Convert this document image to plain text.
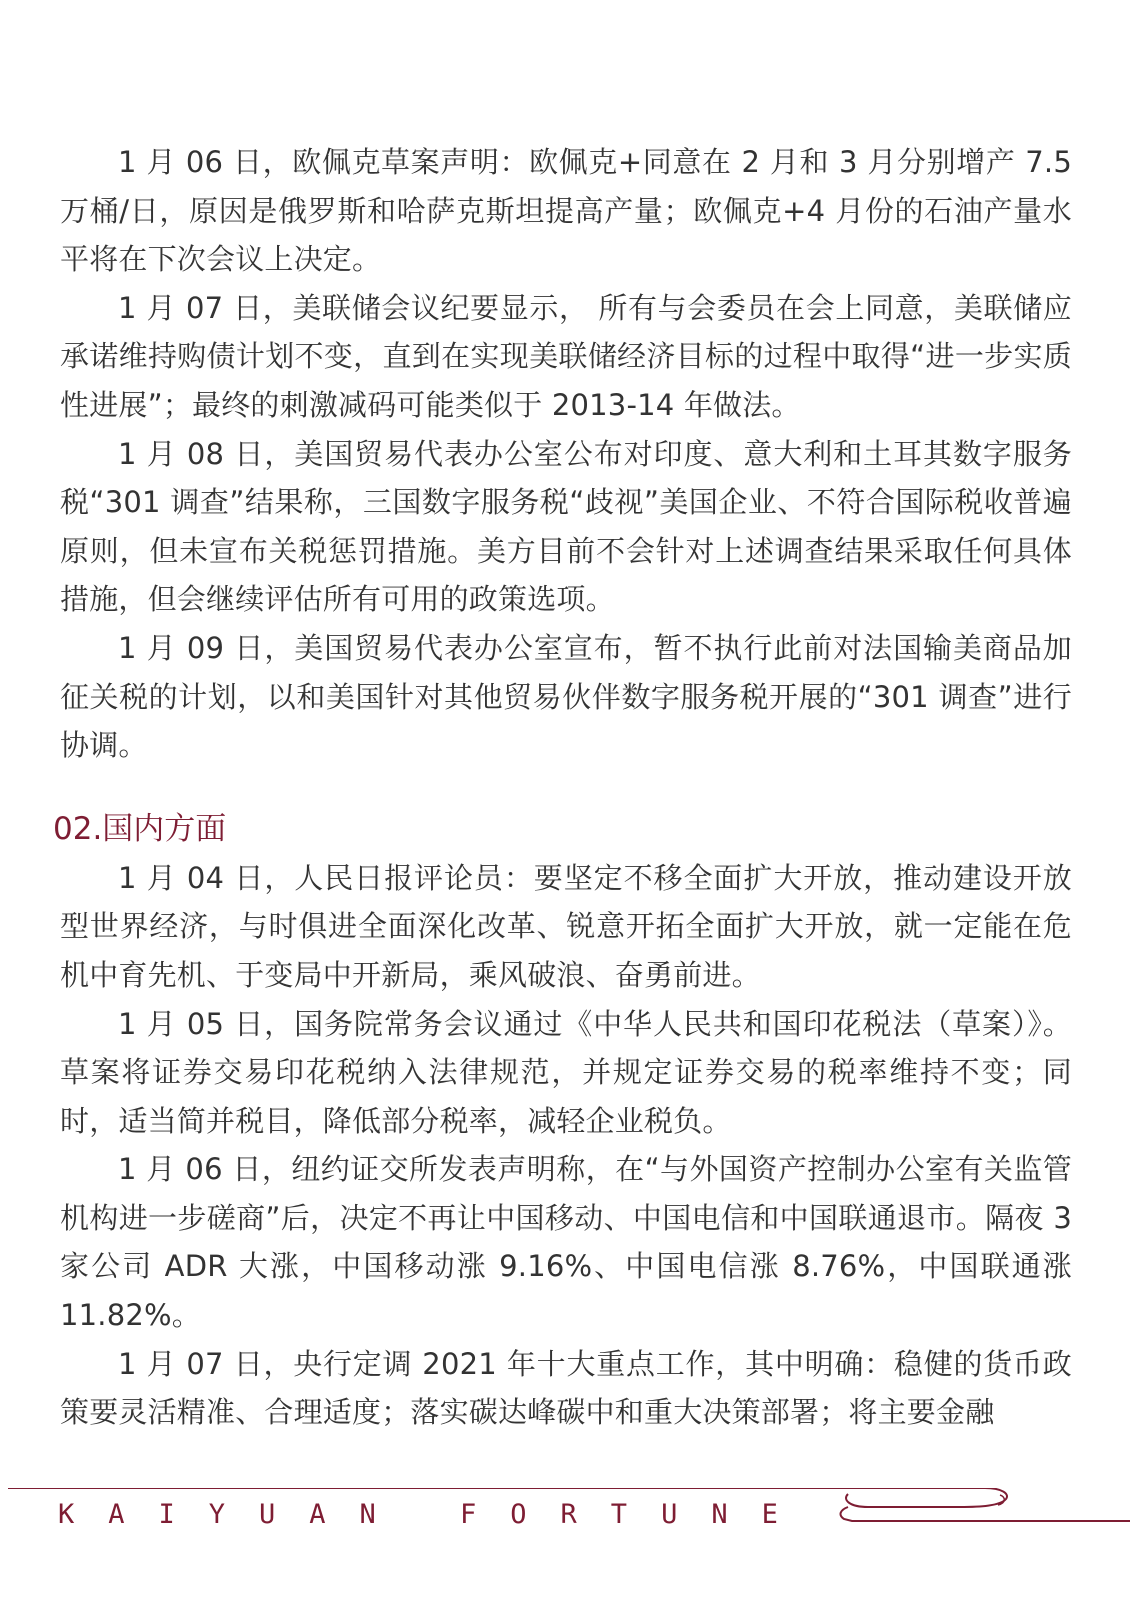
1 月 06 日，欧佩克草案声明：欧佩克+同意在 2 月和 3 月分别增产 7.5 万桶/日，原因是俄罗斯和哈萨克斯坦提高产量；欧佩克+4 月份的石油产量水平将在下次会议上决定。

1 月 07 日，美联储会议纪要显示， 所有与会委员在会上同意，美联储应承诺维持购债计划不变，直到在实现美联储经济目标的过程中取得“进一步实质性进展”；最终的刺激减码可能类似于 2013-14 年做法。

1 月 08 日，美国贸易代表办公室公布对印度、意大利和土耳其数字服务税“301 调查”结果称，三国数字服务税“歧视”美国企业、不符合国际税收普遍原则，但未宣布关税惩罚措施。美方目前不会针对上述调查结果采取任何具体措施，但会继续评估所有可用的政策选项。

1 月 09 日，美国贸易代表办公室宣布，暂不执行此前对法国输美商品加征关税的计划，以和美国针对其他贸易伙伴数字服务税开展的“301 调查”进行协调。

02.国内方面

1 月 04 日，人民日报评论员：要坚定不移全面扩大开放，推动建设开放型世界经济，与时俱进全面深化改革、锐意开拓全面扩大开放，就一定能在危机中育先机、于变局中开新局，乘风破浪、奋勇前进。

1 月 05 日，国务院常务会议通过《中华人民共和国印花税法（草案）》。草案将证券交易印花税纳入法律规范，并规定证券交易的税率维持不变；同时，适当简并税目，降低部分税率，减轻企业税负。

1 月 06 日，纽约证交所发表声明称，在“与外国资产控制办公室有关监管机构进一步磋商”后，决定不再让中国移动、中国电信和中国联通退市。隔夜 3 家公司 ADR 大涨，中国移动涨 9.16%、中国电信涨 8.76%，中国联通涨 11.82%。

1 月 07 日，央行定调 2021 年十大重点工作，其中明确：稳健的货币政策要灵活精准、合理适度；落实碳达峰碳中和重大决策部署；将主要金融

KAIYUAN FORTUNE
